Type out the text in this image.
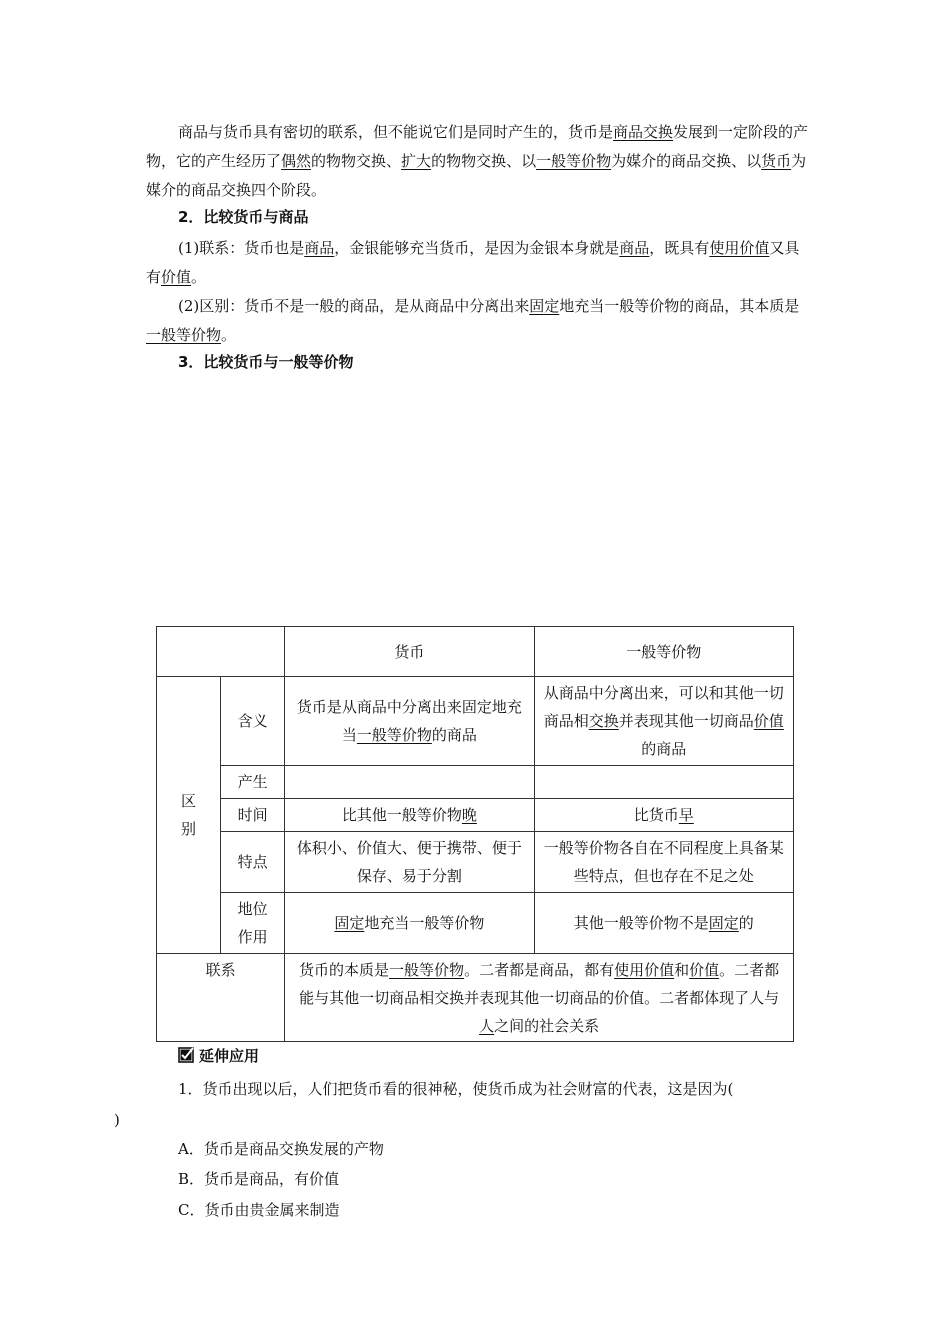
商品与货币具有密切的联系，但不能说它们是同时产生的，货币是商品交换发展到一定阶段的产物，它的产生经历了偶然的物物交换、扩大的物物交换、以一般等价物为媒介的商品交换、以货币为媒介的商品交换四个阶段。

2．比较货币与商品

(1)联系：货币也是商品，金银能够充当货币，是因为金银本身就是商品，既具有使用价值又具有价值。

(2)区别：货币不是一般的商品，是从商品中分离出来固定地充当一般等价物的商品，其本质是一般等价物。

3．比较货币与一般等价物
		货币	一般等价物

区别	含义	货币是从商品中分离出来固定地充当一般等价物的商品	从商品中分离出来，可以和其他一切商品相交换并表现其他一切商品价值的商品
	产生		
	时间	比其他一般等价物晚	比货币早
	特点	体积小、价值大、便于携带、便于保存、易于分割	一般等价物各自在不同程度上具备某些特点，但也存在不足之处

	地位作用	固定地充当一般等价物	其他一般等价物不是固定的
联系		货币的本质是一般等价物。二者都是商品，都有使用价值和价值。二者都能与其他一切商品相交换并表现其他一切商品的价值。二者都体现了人与人之间的社会关系	
延伸应用

1．货币出现以后，人们把货币看的很神秘，使货币成为社会财富的代表，这是因为(
)

A．货币是商品交换发展的产物
B．货币是商品，有价值
C．货币由贵金属来制造
